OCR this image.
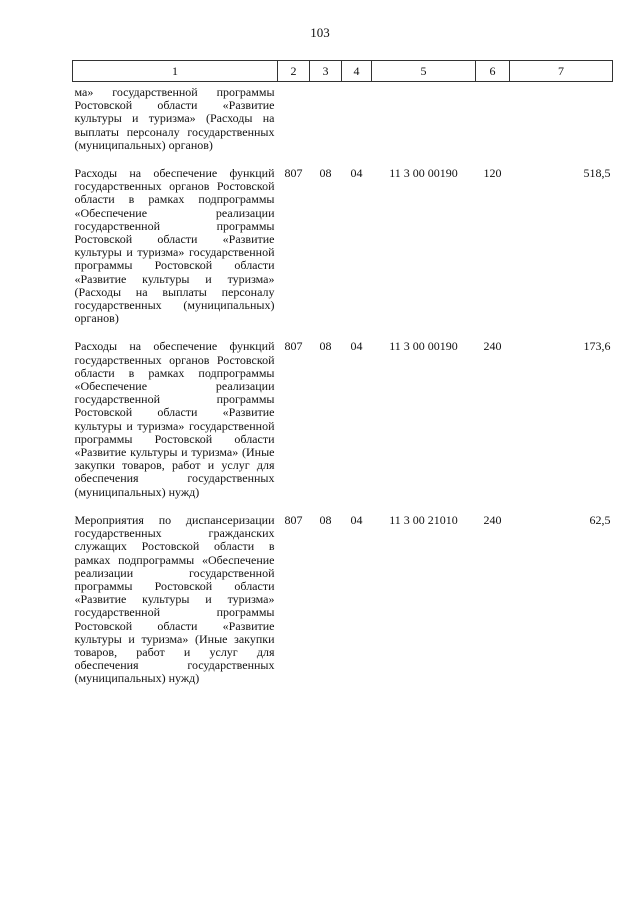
103
1	2	3	4	5	6	7
ма» государственной программы Ростовской области «Развитие культуры и туризма» (Расходы на выплаты персоналу государственных (муниципальных) органов)						
Расходы на обеспечение функций государственных органов Ростовской области в рамках подпрограммы «Обеспечение реализации государственной программы Ростовской области «Развитие культуры и туризма» государственной программы Ростовской области «Развитие культуры и туризма» (Расходы на выплаты персоналу государственных (муниципальных) органов)	807	08	04	11 3 00 00190	120	518,5
Расходы на обеспечение функций государственных органов Ростовской области в рамках подпрограммы «Обеспечение реализации государственной программы Ростовской области «Развитие культуры и туризма» государственной программы Ростовской области «Развитие культуры и туризма» (Иные закупки товаров, работ и услуг для обеспечения государственных (муниципальных) нужд)	807	08	04	11 3 00 00190	240	173,6
Мероприятия по диспансеризации государственных гражданских служащих Ростовской области в рамках подпрограммы «Обеспечение реализации государственной программы Ростовской области «Развитие культуры и туризма» государственной программы Ростовской области «Развитие культуры и туризма» (Иные закупки товаров, работ и услуг для обеспечения государственных (муниципальных) нужд)	807	08	04	11 3 00 21010	240	62,5
